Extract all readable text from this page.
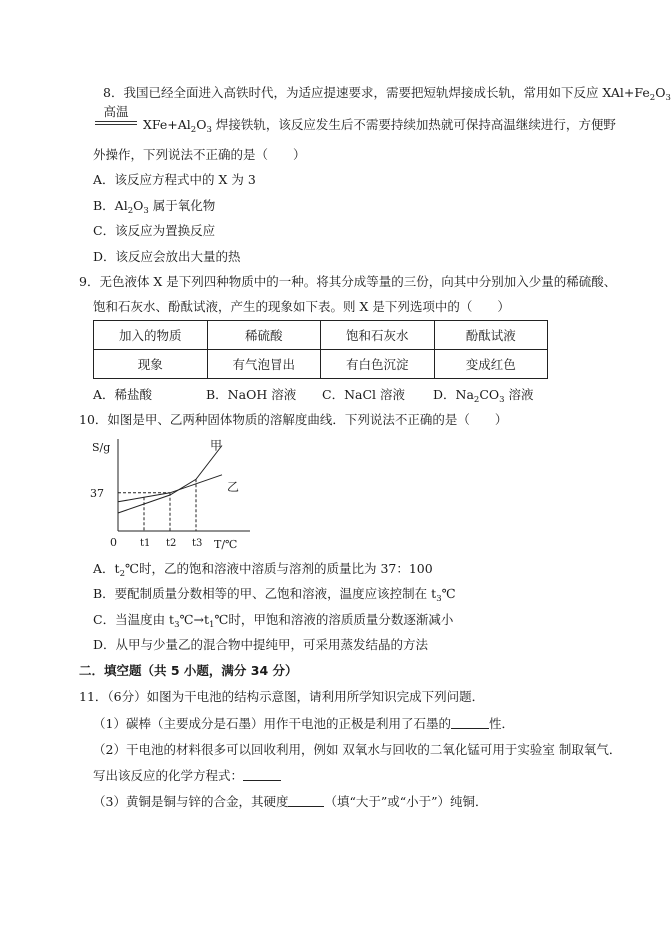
8．我国已经全面进入高铁时代，为适应提速要求，需要把短轨焊接成长轨，常用如下反应 $XAl+Fe_2O_3$
高温
$XFe+Al_2O_3$ 焊接铁轨，该反应发生后不需要持续加热就可保持高温继续进行，方便野
外操作，下列说法不正确的是（　　）
A．该反应方程式中的 X 为 3
B．$Al_2O_3$ 属于氧化物
C．该反应为置换反应
D．该反应会放出大量的热
9．无色液体 X 是下列四种物质中的一种。将其分成等量的三份，向其中分别加入少量的稀硫酸、
饱和石灰水、酚酞试液，产生的现象如下表。则 X 是下列选项中的（　　）
加入的物质	稀硫酸	饱和石灰水	酚酞试液
现象	有气泡冒出	有白色沉淀	变成红色
A．稀盐酸	B．NaOH 溶液 C．NaCl 溶液 D．$Na_2CO_3$ 溶液
10．如图是甲、乙两种固体物质的溶解度曲线．下列说法不正确的是（　　）
S/g
T/℃
0
甲
乙
37
t1 t2 t3
A．$t_2℃$时，乙的饱和溶液中溶质与溶剂的质量比为 37：100
B．要配制质量分数相等的甲、乙饱和溶液，温度应该控制在 $t_3℃$
C．当温度由 $t_3℃\to t_1℃$时，甲饱和溶液的溶质质量分数逐渐减小
D．从甲与少量乙的混合物中提纯甲，可采用蒸发结晶的方法
二．填空题（共 5 小题，满分 34 分）
11．（6分）如图为干电池的结构示意图，请利用所学知识完成下列问题．
（1）碳棒（主要成分是石墨）用作干电池的正极是利用了石墨的	性．
（2）干电池的材料很多可以回收利用，例如 双氧水与回收的二氧化锰可用于实验室 制取氧气．
写出该反应的化学方程式：
（3）黄铜是铜与锌的合金，其硬度	（填“大于”或“小于”）纯铜．
